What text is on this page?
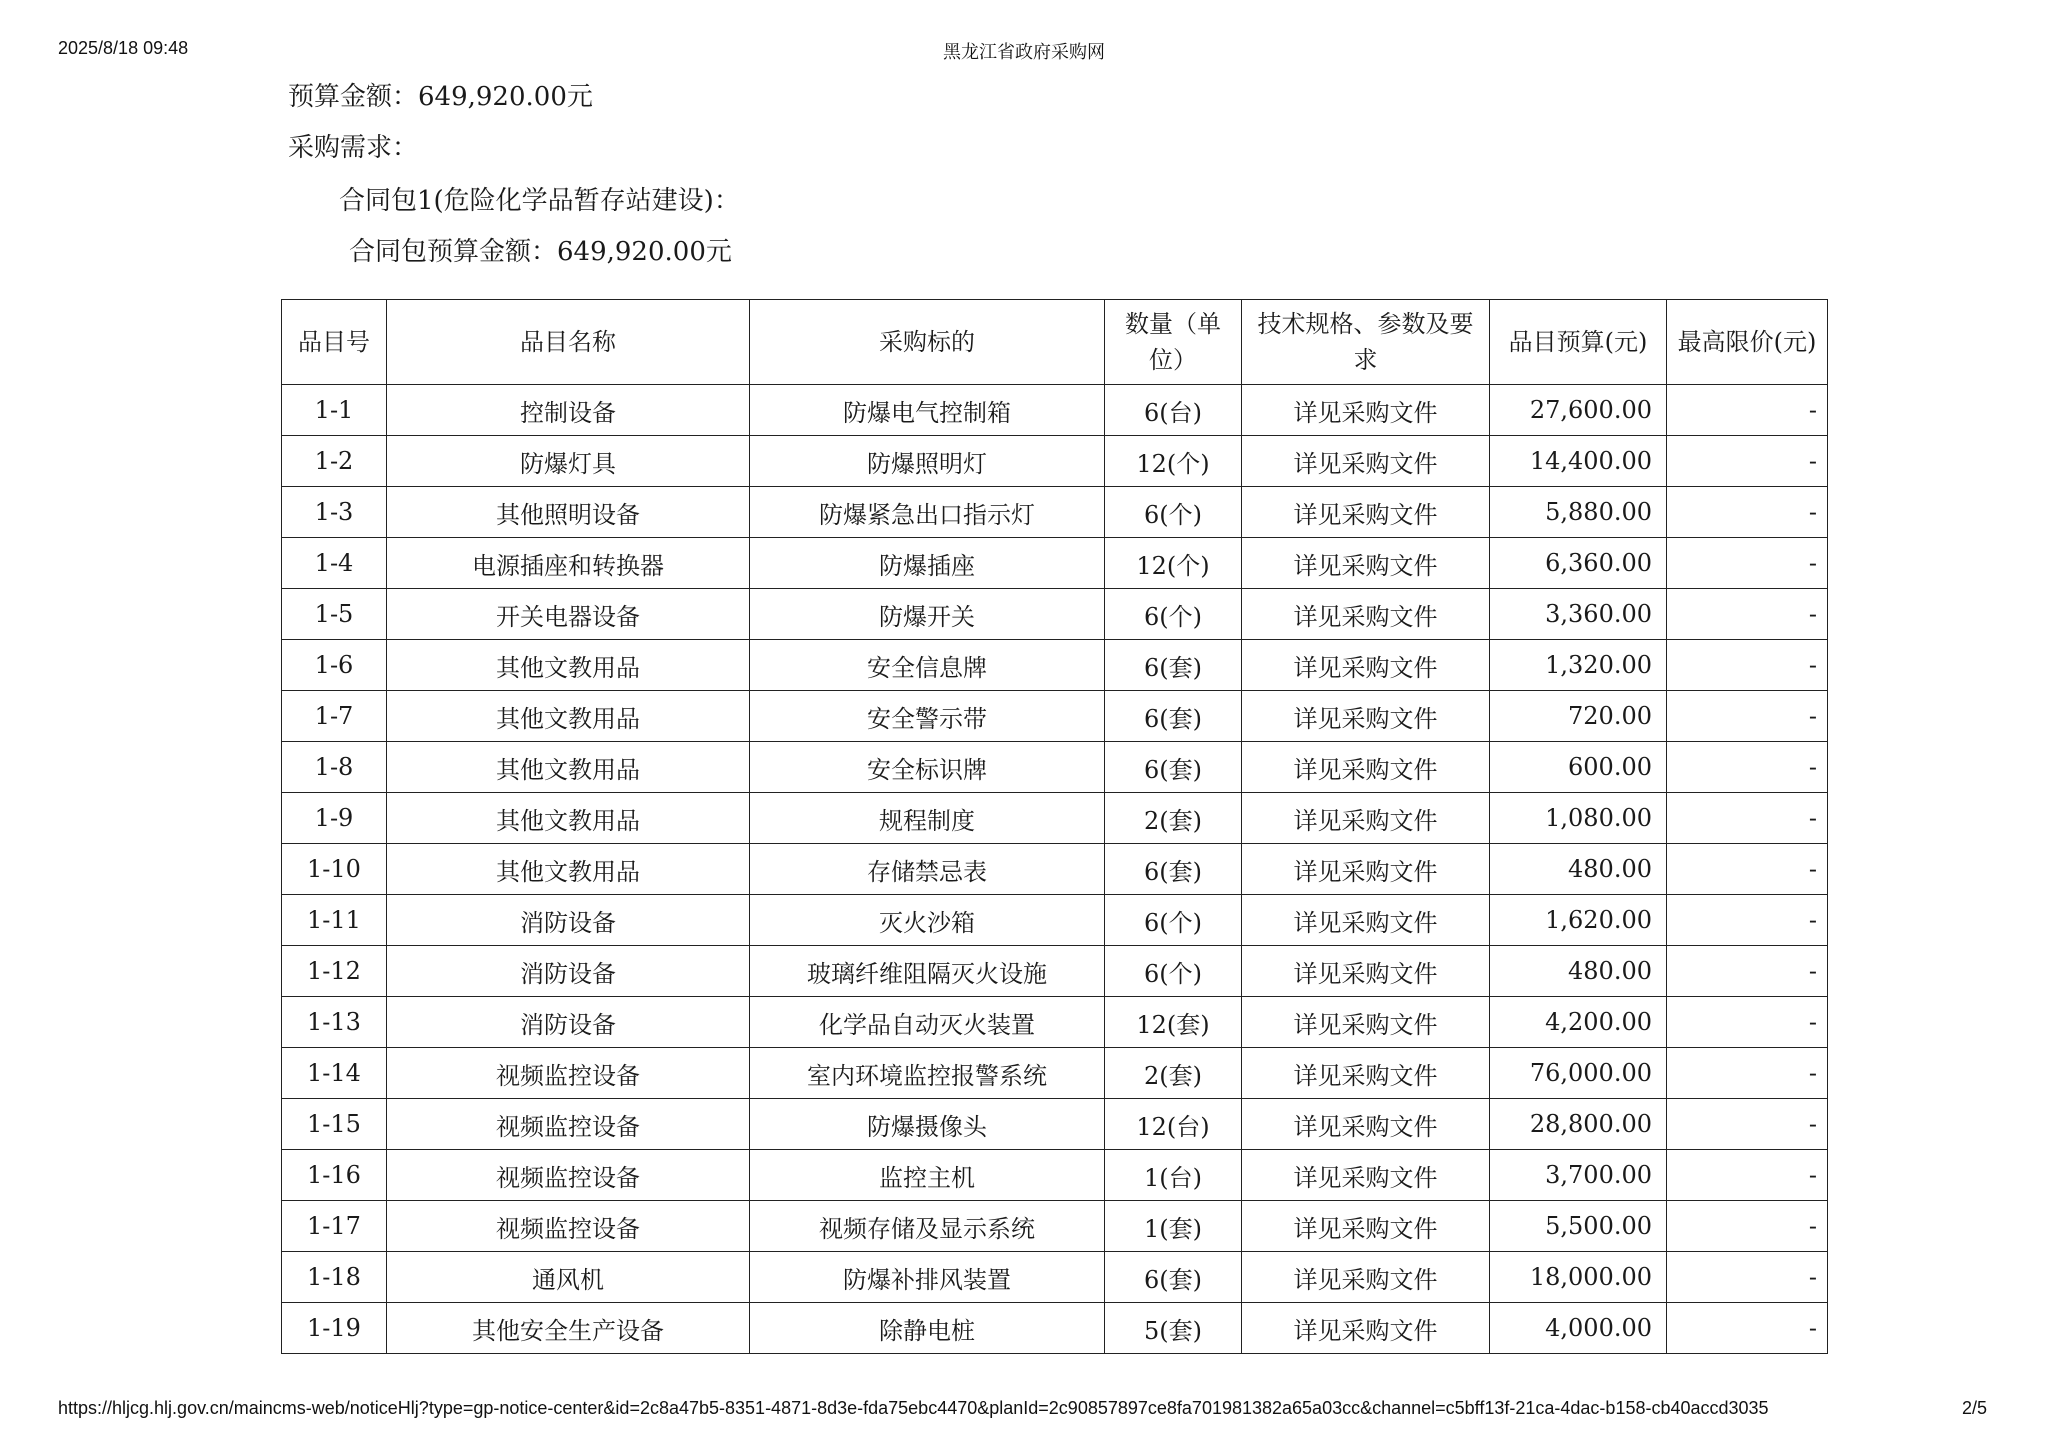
2025/8/18 09:48	黑龙江省政府采购网
预算金额：649,920.00元
采购需求：
合同包1(危险化学品暂存站建设)：
合同包预算金额：649,920.00元
品目号	品目名称	采购标的	数量（单位）	技术规格、参数及要求	品目预算(元)	最高限价(元)
1-1	控制设备	防爆电气控制箱	6(台)	详见采购文件	27,600.00	-
1-2	防爆灯具	防爆照明灯	12(个)	详见采购文件	14,400.00	-
1-3	其他照明设备	防爆紧急出口指示灯	6(个)	详见采购文件	5,880.00	-
1-4	电源插座和转换器	防爆插座	12(个)	详见采购文件	6,360.00	-
1-5	开关电器设备	防爆开关	6(个)	详见采购文件	3,360.00	-
1-6	其他文教用品	安全信息牌	6(套)	详见采购文件	1,320.00	-
1-7	其他文教用品	安全警示带	6(套)	详见采购文件	720.00	-
1-8	其他文教用品	安全标识牌	6(套)	详见采购文件	600.00	-
1-9	其他文教用品	规程制度	2(套)	详见采购文件	1,080.00	-
1-10	其他文教用品	存储禁忌表	6(套)	详见采购文件	480.00	-
1-11	消防设备	灭火沙箱	6(个)	详见采购文件	1,620.00	-
1-12	消防设备	玻璃纤维阻隔灭火设施	6(个)	详见采购文件	480.00	-
1-13	消防设备	化学品自动灭火装置	12(套)	详见采购文件	4,200.00	-
1-14	视频监控设备	室内环境监控报警系统	2(套)	详见采购文件	76,000.00	-
1-15	视频监控设备	防爆摄像头	12(台)	详见采购文件	28,800.00	-
1-16	视频监控设备	监控主机	1(台)	详见采购文件	3,700.00	-
1-17	视频监控设备	视频存储及显示系统	1(套)	详见采购文件	5,500.00	-
1-18	通风机	防爆补排风装置	6(套)	详见采购文件	18,000.00	-
1-19	其他安全生产设备	除静电桩	5(套)	详见采购文件	4,000.00	-
https://hljcg.hlj.gov.cn/maincms-web/noticeHlj?type=gp-notice-center&id=2c8a47b5-8351-4871-8d3e-fda75ebc4470&planId=2c90857897ce8fa701981382a65a03cc&channel=c5bff13f-21ca-4dac-b158-cb40accd3035	2/5
